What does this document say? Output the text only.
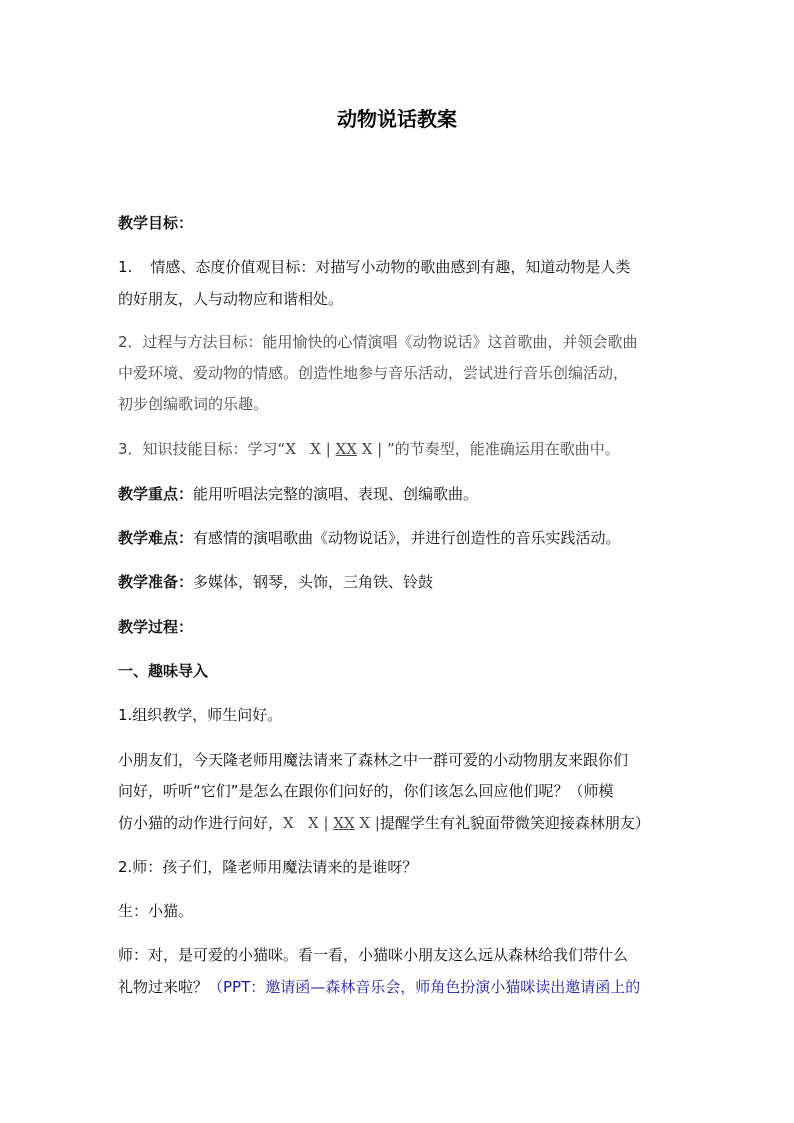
动物说话教案
教学目标：
1. 情感、态度价值观目标：对描写小动物的歌曲感到有趣，知道动物是人类
的好朋友，人与动物应和谐相处。
2．过程与方法目标：能用愉快的心情演唱《动物说话》这首歌曲，并领会歌曲
中爱环境、爱动物的情感。创造性地参与音乐活动，尝试进行音乐创编活动，
初步创编歌词的乐趣。
3．知识技能目标：学习“X   X | XX X | ”的节奏型，能准确运用在歌曲中。
教学重点：能用听唱法完整的演唱、表现、创编歌曲。
教学难点：有感情的演唱歌曲《动物说话》，并进行创造性的音乐实践活动。
教学准备：多媒体，钢琴，头饰，三角铁、铃鼓
教学过程：
一、趣味导入
1.组织教学，师生问好。
小朋友们，今天隆老师用魔法请来了森林之中一群可爱的小动物朋友来跟你们
问好，听听“它们”是怎么在跟你们问好的，你们该怎么回应他们呢？（师模
仿小猫的动作进行问好，X   X | XX X |提醒学生有礼貌面带微笑迎接森林朋友）
2.师：孩子们，隆老师用魔法请来的是谁呀？
生：小猫。
师：对，是可爱的小猫咪。看一看，小猫咪小朋友这么远从森林给我们带什么
礼物过来啦？（PPT：邀请函—森林音乐会，师角色扮演小猫咪读出邀请函上的
